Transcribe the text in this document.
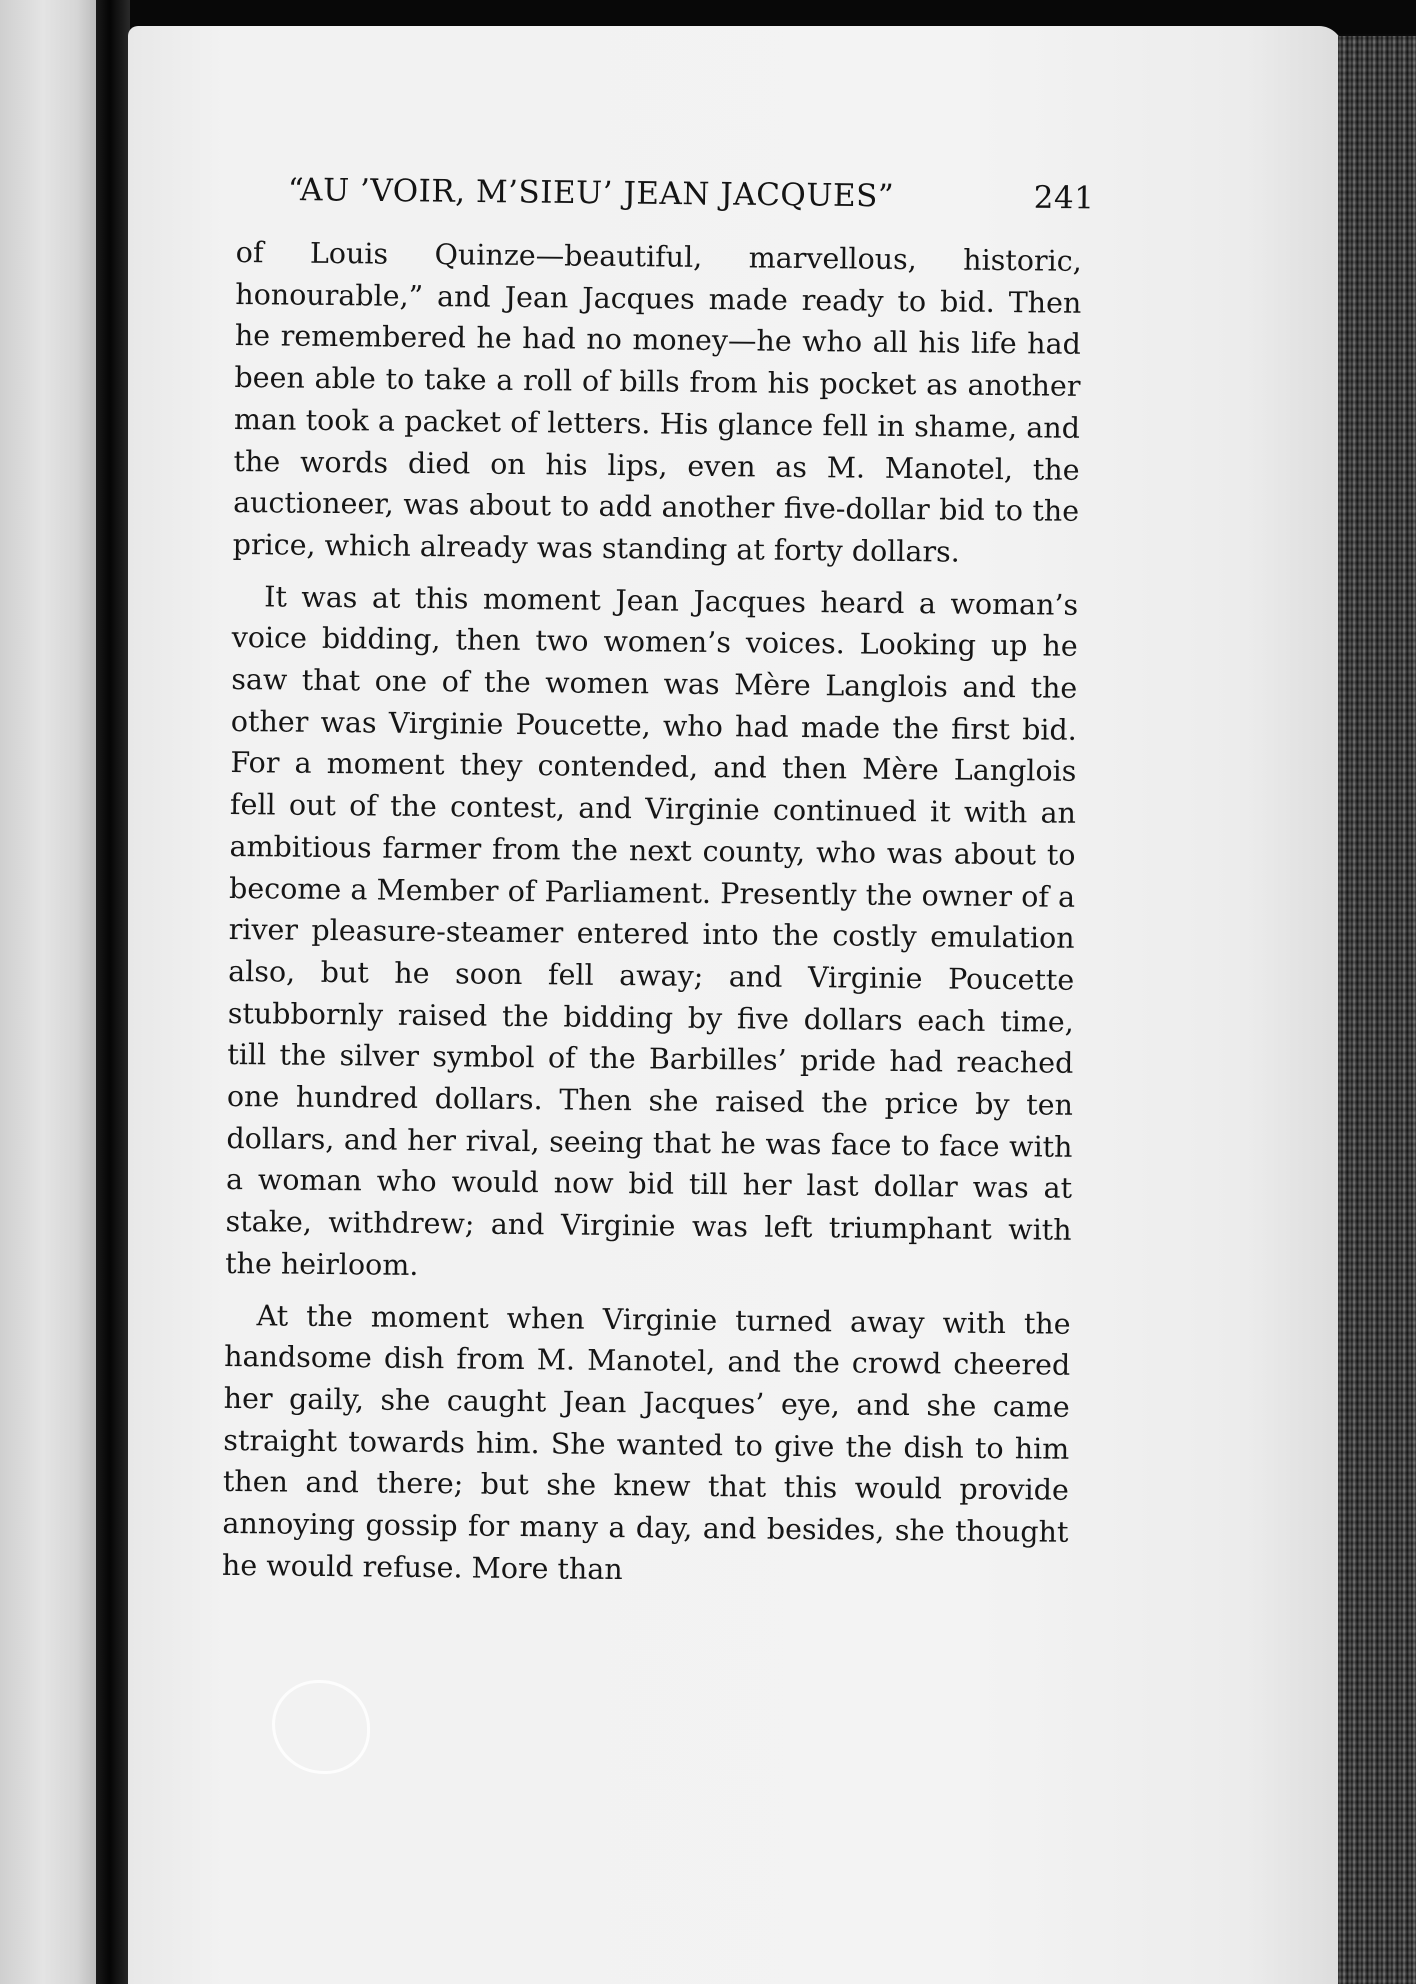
“AU ’VOIR, M’SIEU’ JEAN JACQUES”	241

of Louis Quinze—beautiful, marvellous, historic, honourable,” and Jean Jacques made ready to bid. Then he remembered he had no money—he who all his life had been able to take a roll of bills from his pocket as another man took a packet of letters. His glance fell in shame, and the words died on his lips, even as M. Manotel, the auctioneer, was about to add another five-dollar bid to the price, which already was standing at forty dollars.

It was at this moment Jean Jacques heard a woman’s voice bidding, then two women’s voices. Looking up he saw that one of the women was Mère Langlois and the other was Virginie Poucette, who had made the first bid. For a moment they contended, and then Mère Langlois fell out of the contest, and Virginie continued it with an ambitious farmer from the next county, who was about to become a Member of Parliament. Presently the owner of a river pleasure-steamer entered into the costly emulation also, but he soon fell away; and Virginie Poucette stubbornly raised the bidding by five dollars each time, till the silver symbol of the Barbilles’ pride had reached one hundred dollars. Then she raised the price by ten dollars, and her rival, seeing that he was face to face with a woman who would now bid till her last dollar was at stake, withdrew; and Virginie was left triumphant with the heirloom.

At the moment when Virginie turned away with the handsome dish from M. Manotel, and the crowd cheered her gaily, she caught Jean Jacques’ eye, and she came straight towards him. She wanted to give the dish to him then and there; but she knew that this would provide annoying gossip for many a day, and besides, she thought he would refuse. More than
